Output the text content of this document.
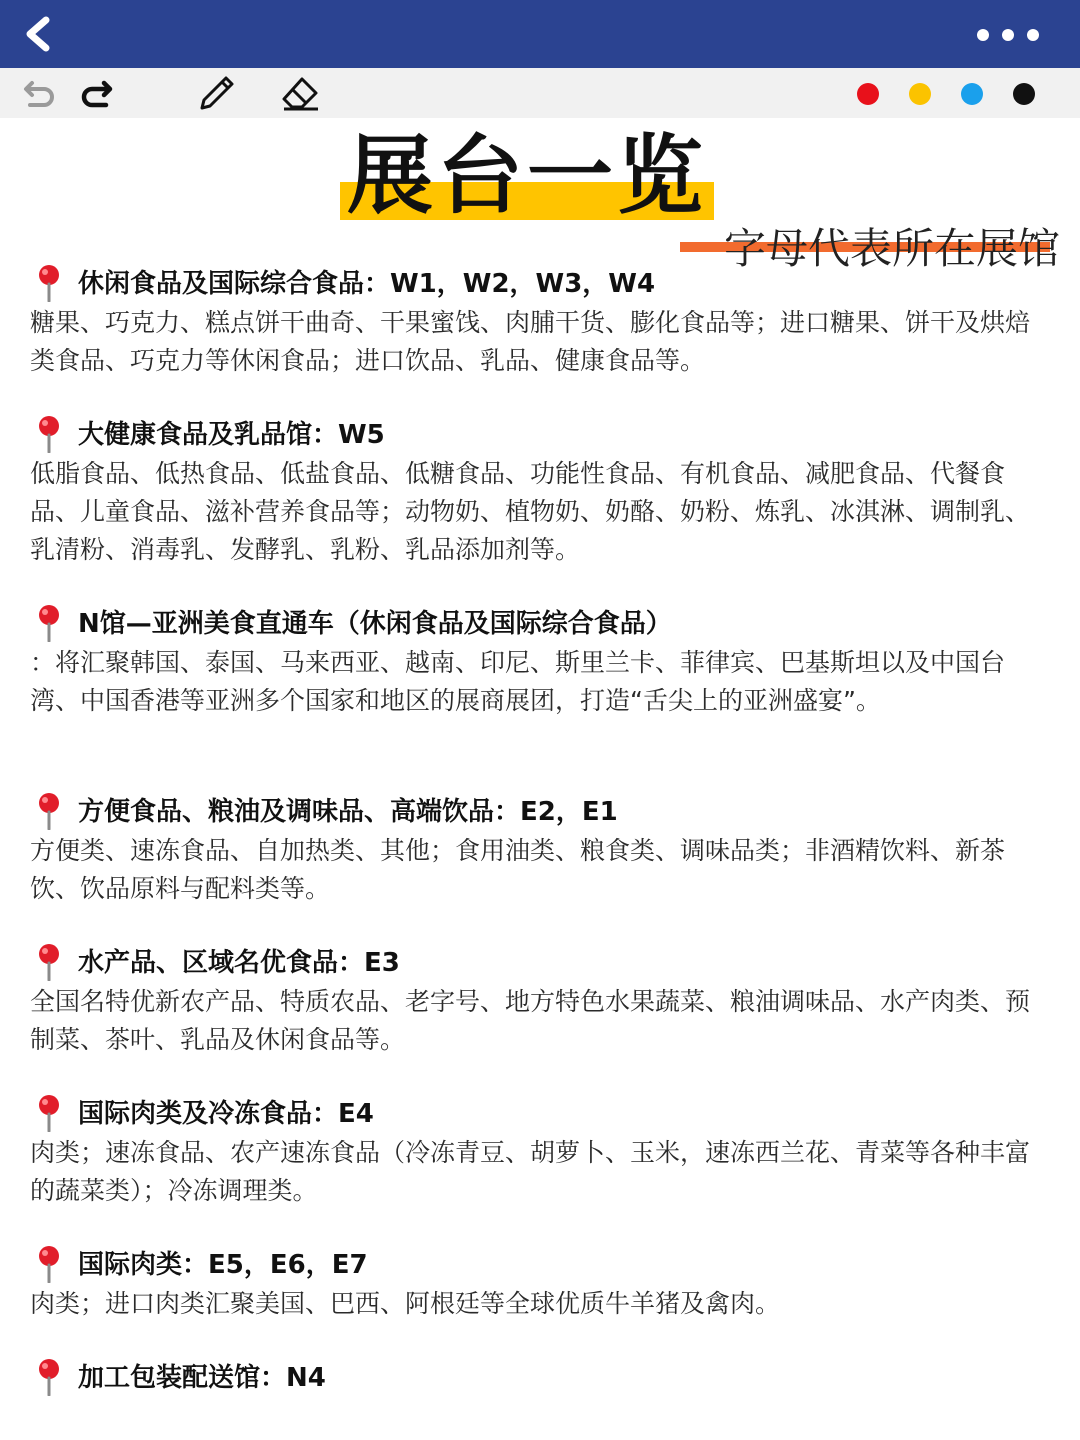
展台一览
字母代表所在展馆
休闲食品及国际综合食品：W1，W2，W3，W4

糖果、巧克力、糕点饼干曲奇、干果蜜饯、肉脯干货、膨化食品等；进口糖果、饼干及烘焙类食品、巧克力等休闲食品；进口饮品、乳品、健康食品等。

大健康食品及乳品馆：W5

低脂食品、低热食品、低盐食品、低糖食品、功能性食品、有机食品、减肥食品、代餐食品、儿童食品、滋补营养食品等；动物奶、植物奶、奶酪、奶粉、炼乳、冰淇淋、调制乳、乳清粉、消毒乳、发酵乳、乳粉、乳品添加剂等。

N馆—亚洲美食直通车（休闲食品及国际综合食品）

：将汇聚韩国、泰国、马来西亚、越南、印尼、斯里兰卡、菲律宾、巴基斯坦以及中国台湾、中国香港等亚洲多个国家和地区的展商展团，打造“舌尖上的亚洲盛宴”。

方便食品、粮油及调味品、高端饮品：E2，E1

方便类、速冻食品、自加热类、其他；食用油类、粮食类、调味品类；非酒精饮料、新茶饮、饮品原料与配料类等。

水产品、区域名优食品：E3

全国名特优新农产品、特质农品、老字号、地方特色水果蔬菜、粮油调味品、水产肉类、预制菜、茶叶、乳品及休闲食品等。

国际肉类及冷冻食品：E4

肉类；速冻食品、农产速冻食品（冷冻青豆、胡萝卜、玉米，速冻西兰花、青菜等各种丰富的蔬菜类）；冷冻调理类。

国际肉类：E5，E6，E7

肉类；进口肉类汇聚美国、巴西、阿根廷等全球优质牛羊猪及禽肉。

加工包装配送馆：N4
